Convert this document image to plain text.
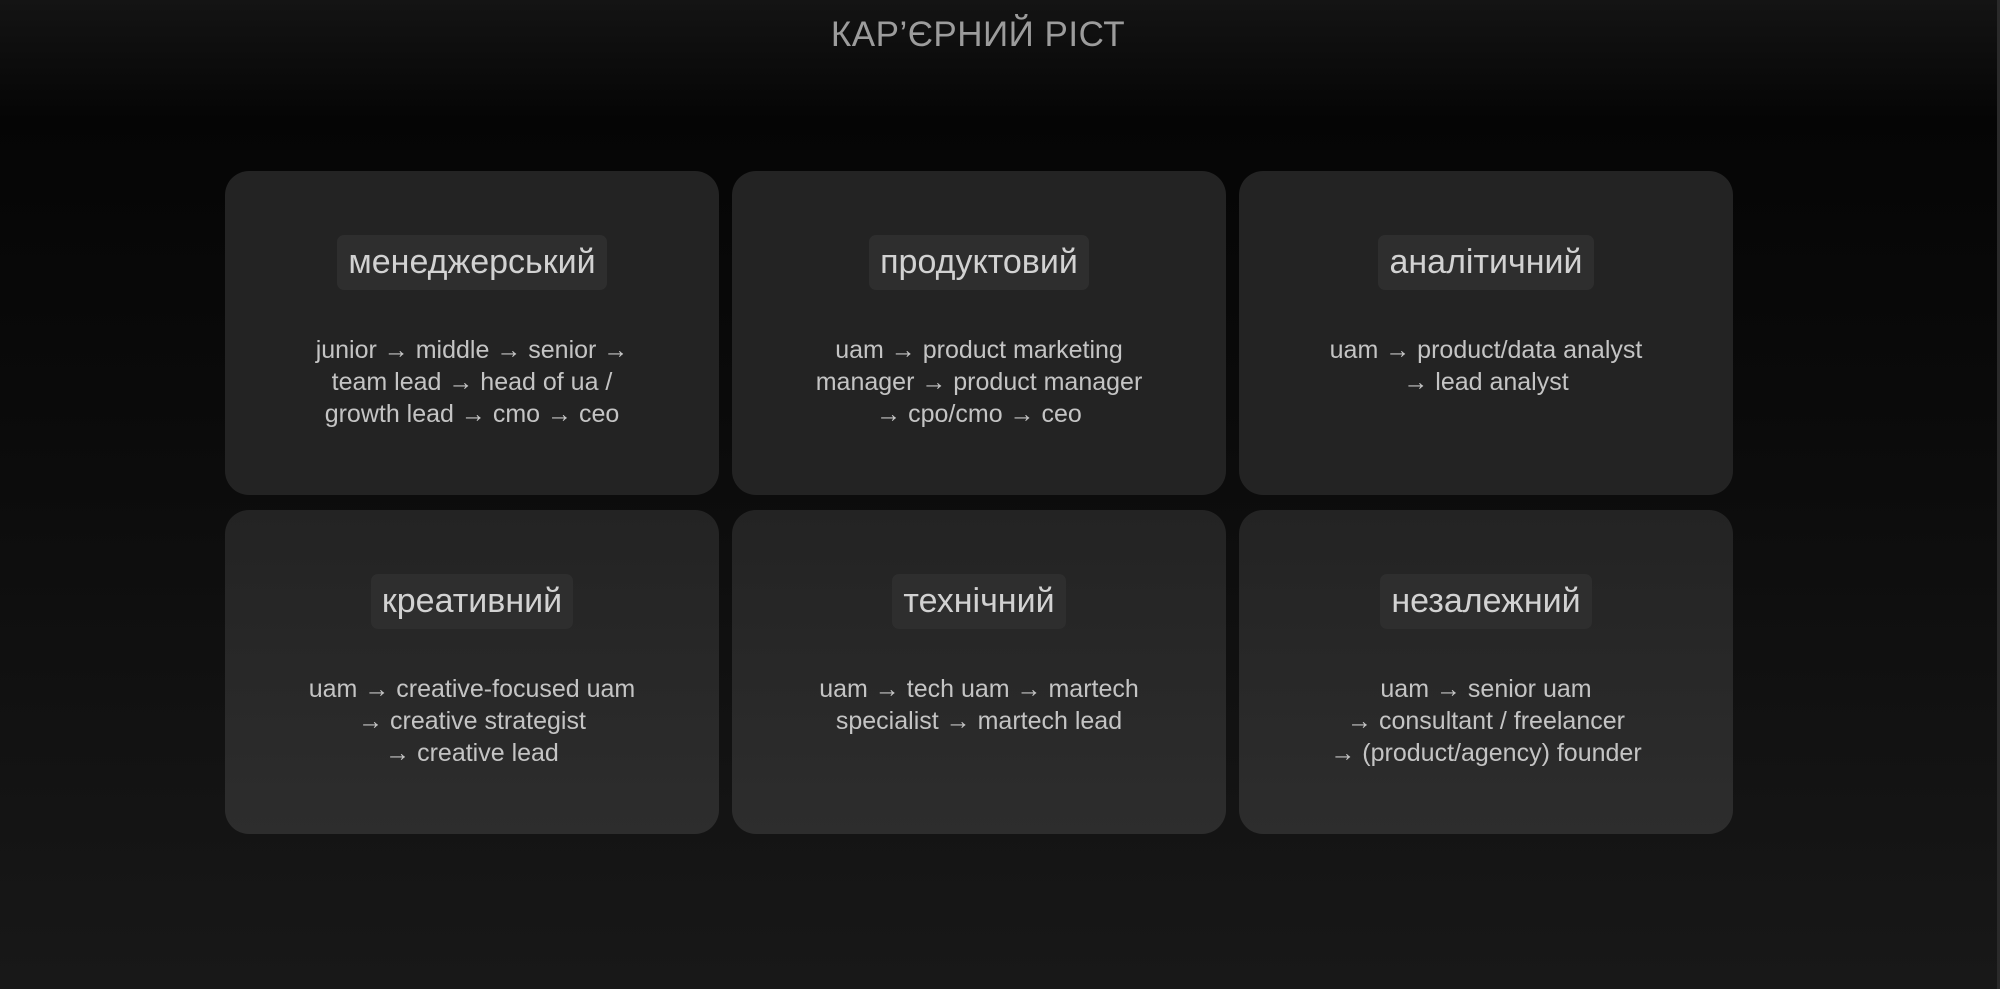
КАР’ЄРНИЙ РІСТ
менеджерський
junior → middle → senior →
team lead → head of ua /
growth lead → cmo → ceo
продуктовий
uam → product marketing
manager → product manager
→ cpo/cmo → ceo
аналітичний
uam → product/data analyst
→ lead analyst
креативний
uam → creative-focused uam
→ creative strategist
→ creative lead
технічний
uam → tech uam → martech
specialist → martech lead
незалежний
uam → senior uam
→ consultant / freelancer
→ (product/agency) founder
